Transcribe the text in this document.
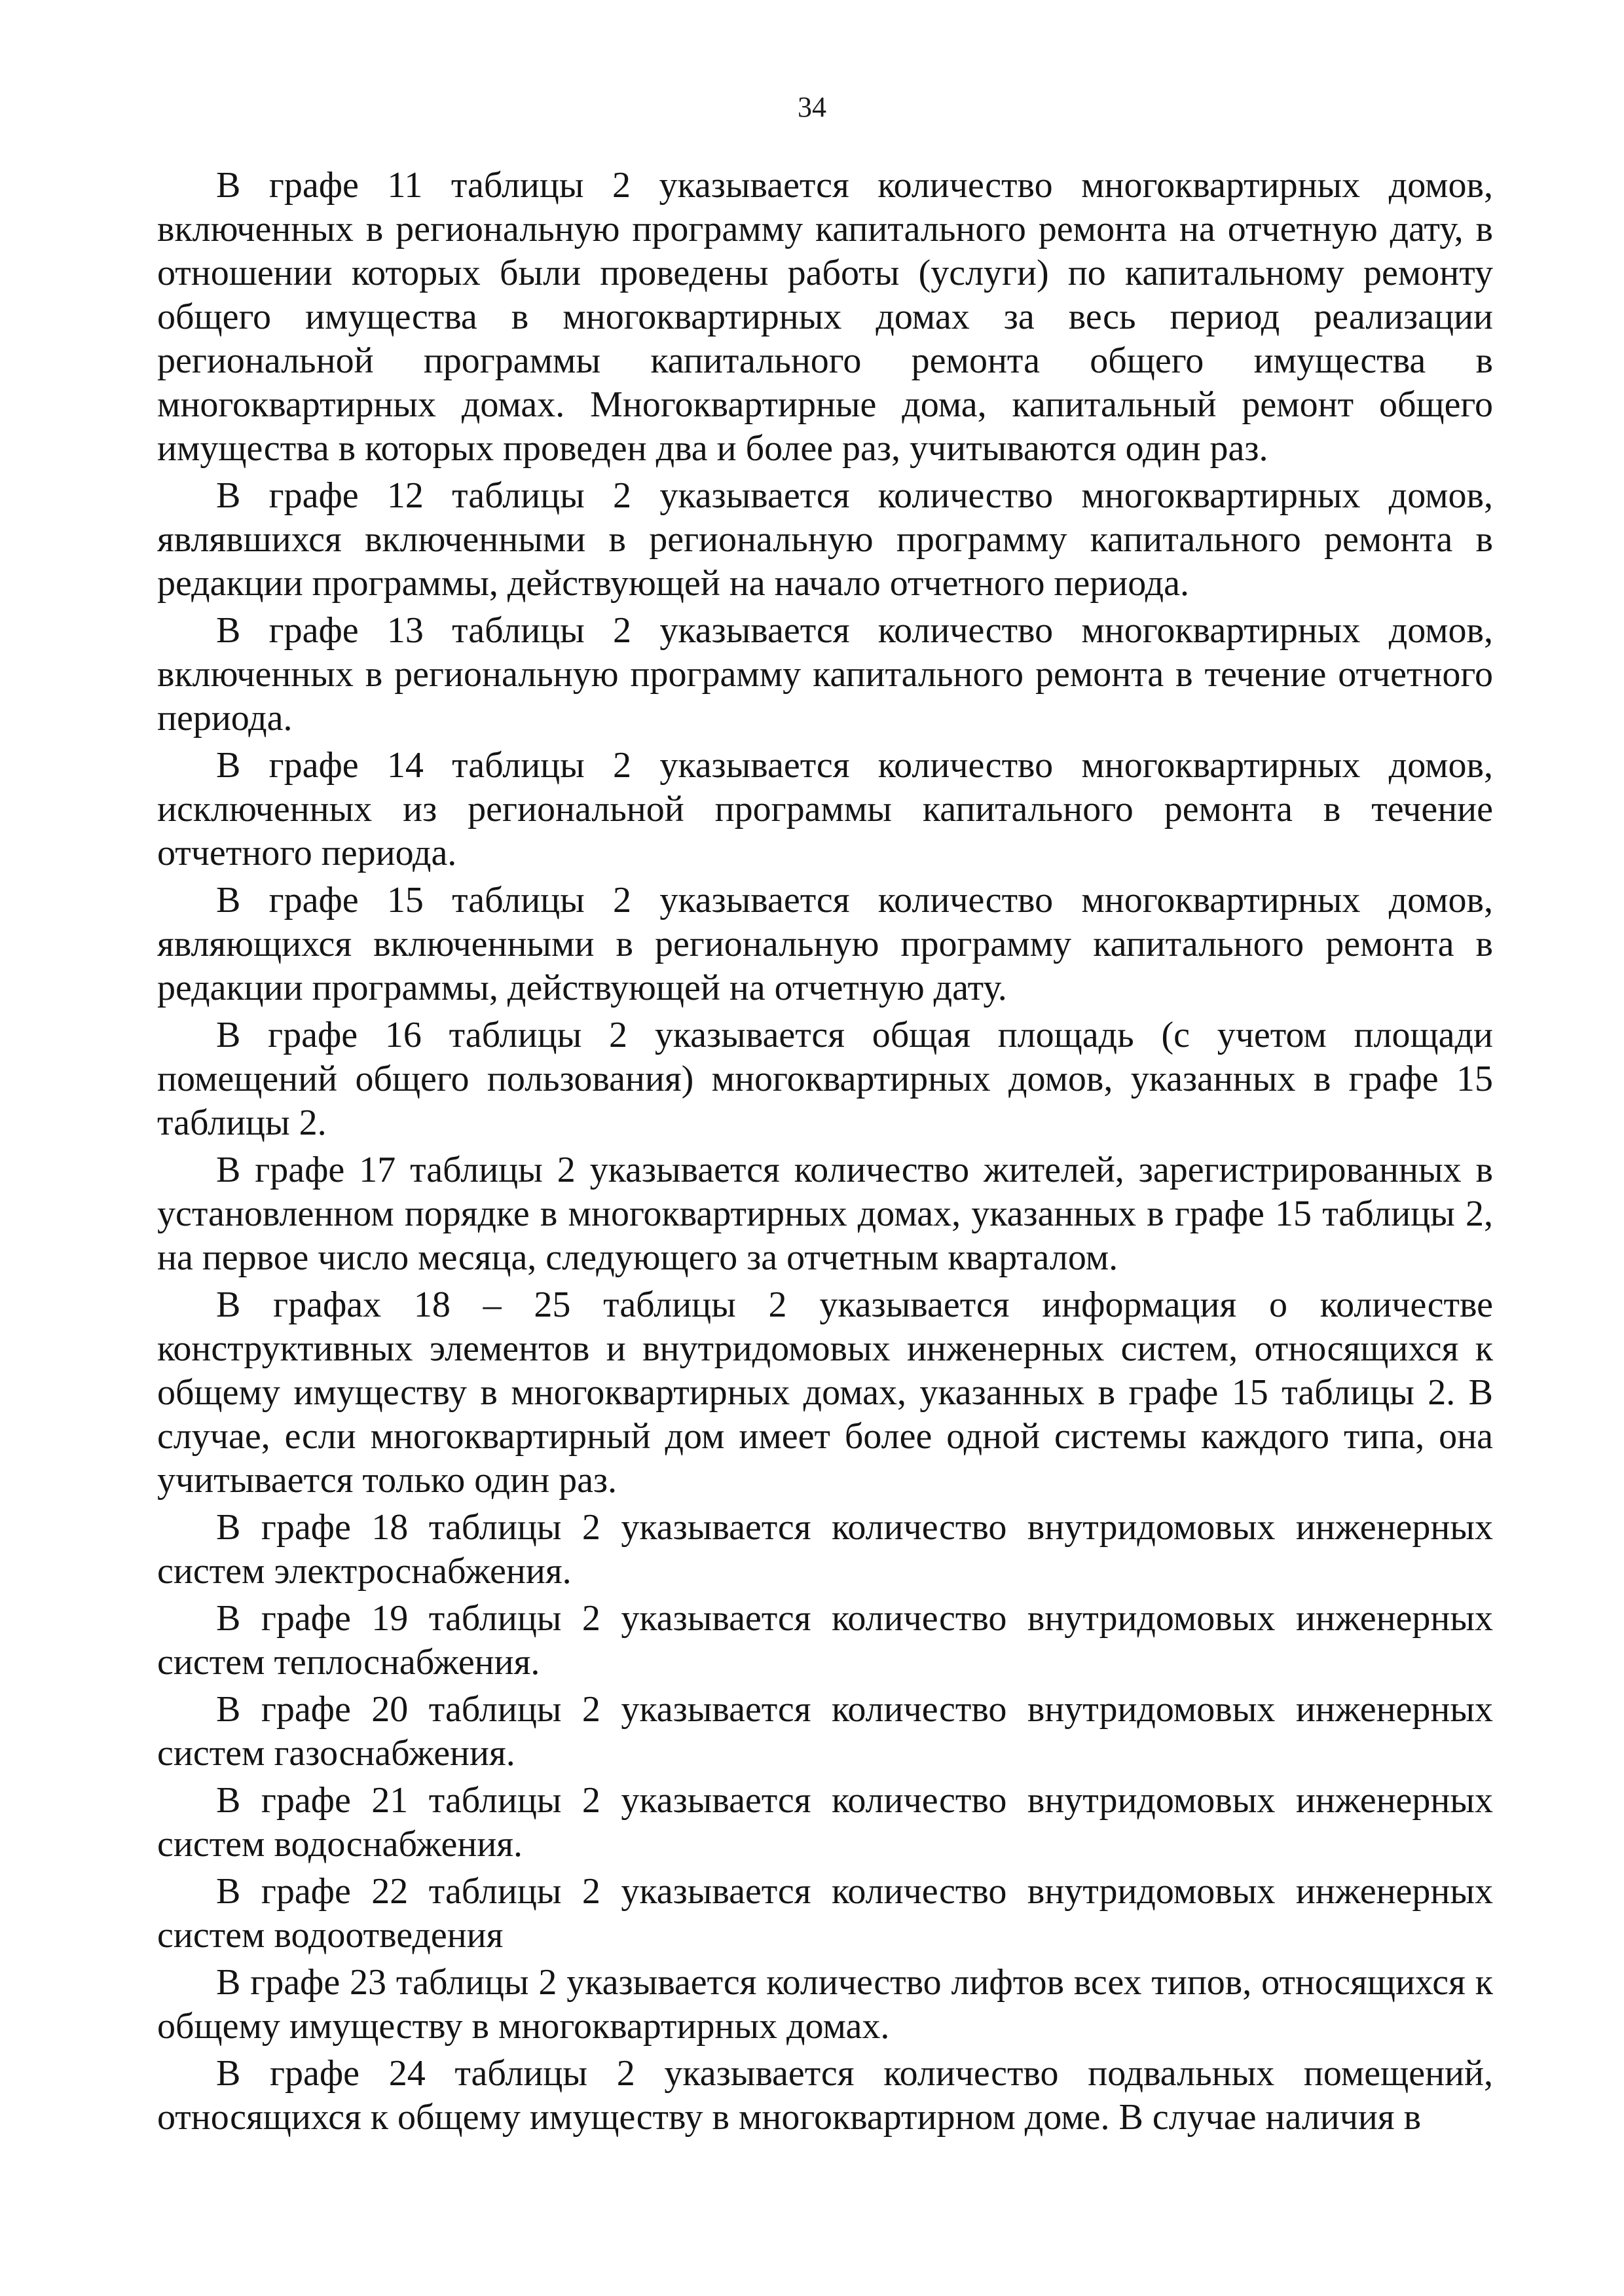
34

В графе 11 таблицы 2 указывается количество многоквартирных домов, включенных в региональную программу капитального ремонта на отчетную дату, в отношении которых были проведены работы (услуги) по капитальному ремонту общего имущества в многоквартирных домах за весь период реализации региональной программы капитального ремонта общего имущества в многоквартирных домах. Многоквартирные дома, капитальный ремонт общего имущества в которых проведен два и более раз, учитываются один раз.

В графе 12 таблицы 2 указывается количество многоквартирных домов, являвшихся включенными в региональную программу капитального ремонта в редакции программы, действующей на начало отчетного периода.

В графе 13 таблицы 2 указывается количество многоквартирных домов, включенных в региональную программу капитального ремонта в течение отчетного периода.

В графе 14 таблицы 2 указывается количество многоквартирных домов, исключенных из региональной программы капитального ремонта в течение отчетного периода.

В графе 15 таблицы 2 указывается количество многоквартирных домов, являющихся включенными в региональную программу капитального ремонта в редакции программы, действующей на отчетную дату.

В графе 16 таблицы 2 указывается общая площадь (с учетом площади помещений общего пользования) многоквартирных домов, указанных в графе 15 таблицы 2.

В графе 17 таблицы 2 указывается количество жителей, зарегистрированных в установленном порядке в многоквартирных домах, указанных в графе 15 таблицы 2, на первое число месяца, следующего за отчетным кварталом.

В графах 18 – 25 таблицы 2 указывается информация о количестве конструктивных элементов и внутридомовых инженерных систем, относящихся к общему имуществу в многоквартирных домах, указанных в графе 15 таблицы 2. В случае, если многоквартирный дом имеет более одной системы каждого типа, она учитывается только один раз.

В графе 18 таблицы 2 указывается количество внутридомовых инженерных систем электроснабжения.

В графе 19 таблицы 2 указывается количество внутридомовых инженерных систем теплоснабжения.

В графе 20 таблицы 2 указывается количество внутридомовых инженерных систем газоснабжения.

В графе 21 таблицы 2 указывается количество внутридомовых инженерных систем водоснабжения.

В графе 22 таблицы 2 указывается количество внутридомовых инженерных систем водоотведения

В графе 23 таблицы 2 указывается количество лифтов всех типов, относящихся к общему имуществу в многоквартирных домах.

В графе 24 таблицы 2 указывается количество подвальных помещений, относящихся к общему имуществу в многоквартирном доме. В случае наличия в
